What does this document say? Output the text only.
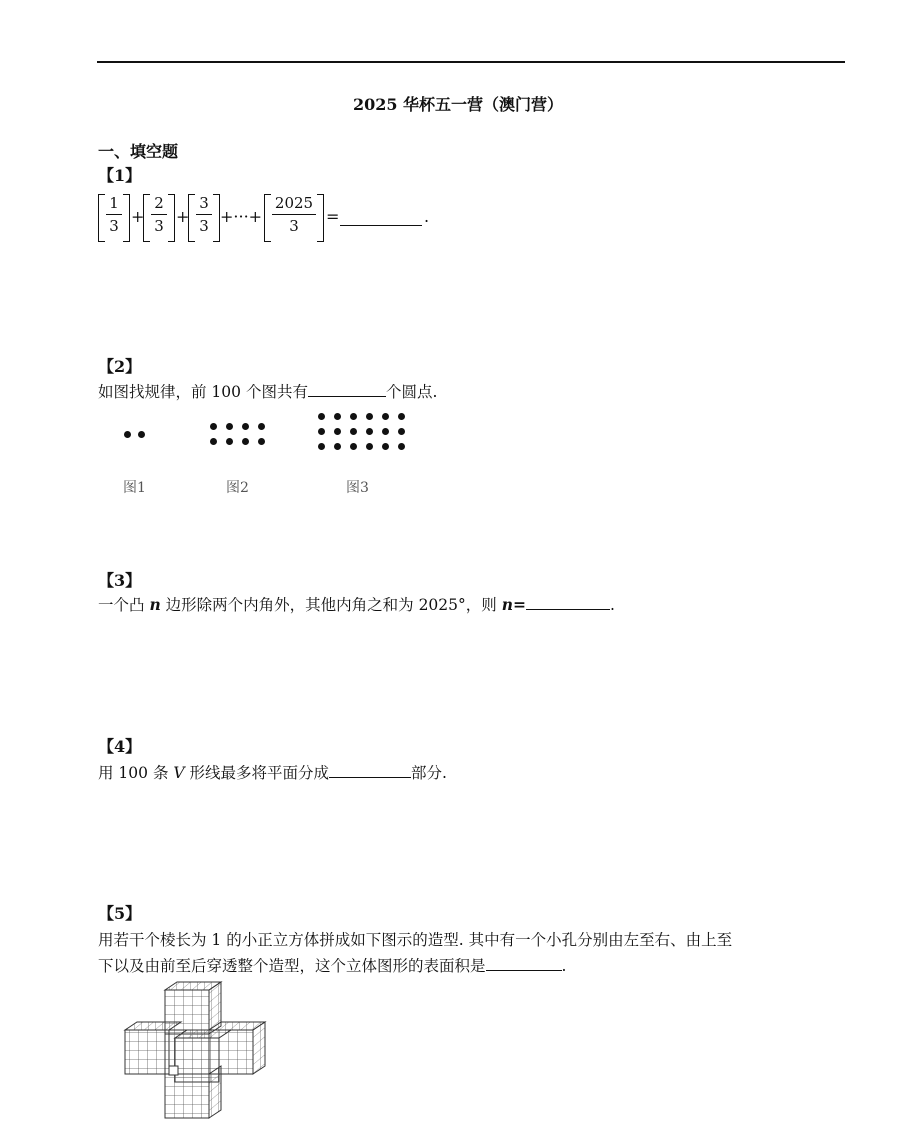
2025 华杯五一营（澳门营）
一、填空题
【1】
1
3 +
2
3 +
3
3 +···+
2025
3	=	.
【2】
如图找规律，前 100 个图共有	个圆点.
图1	图2	图3
【3】
一个凸 n 边形除两个内角外，其他内角之和为 2025°，则 n=	.
【4】
用 100 条 V 形线最多将平面分成	部分.
【5】
用若干个棱长为 1 的小正立方体拼成如下图示的造型. 其中有一个小孔分别由左至右、由上至
下以及由前至后穿透整个造型，这个立体图形的表面积是	.
